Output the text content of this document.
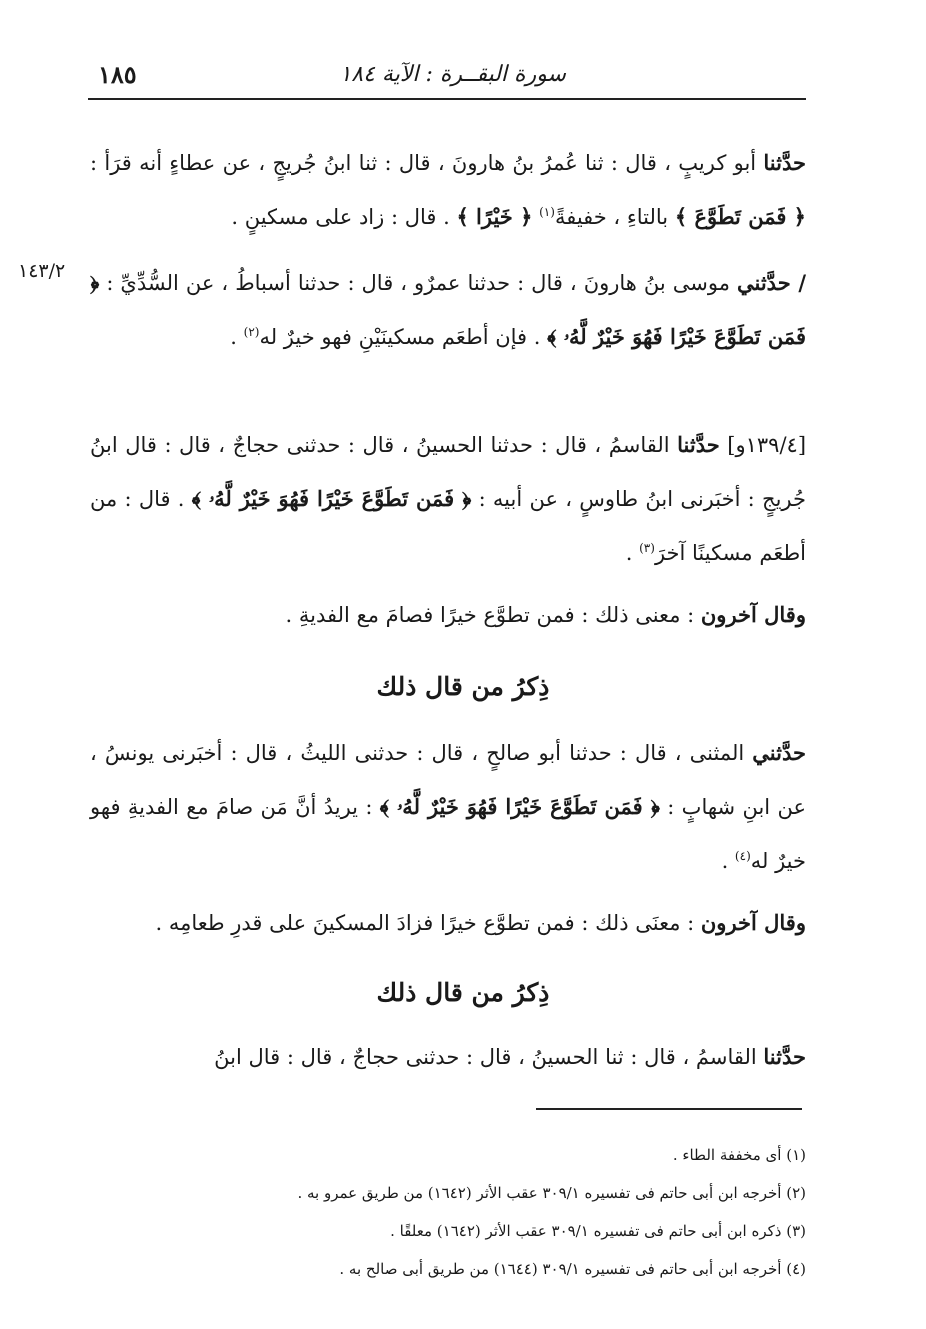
سورة البقــرة : الآية ١٨٤
١٨٥

حدَّثنا أبو كريبٍ ، قال : ثنا عُمرُ بنُ هارونَ ، قال : ثنا ابنُ جُريجٍ ، عن عطاءٍ أنه قرَأ : ﴿ فَمَن تَطَوَّعَ ﴾ بالتاءِ ، خفيفةً$^{(١)}$ ﴿ خَيْرًا ﴾ . قال : زاد على مسكينٍ .

١٤٣/٢	/ حدَّثني موسى بنُ هارونَ ، قال : حدثنا عمرٌو ، قال : حدثنا أسباطُ ، عن السُّدِّيِّ : ﴿ فَمَن تَطَوَّعَ خَيْرًا فَهُوَ خَيْرٌ لَّهُۥ ﴾ . فإن أطعَم مسكينَيْنِ فهو خيرٌ له$^{(٢)}$ .

[١٣٩/٤و] حدَّثنا القاسمُ ، قال : حدثنا الحسينُ ، قال : حدثنى حجاجٌ ، قال : قال ابنُ جُريجٍ : أخبَرنى ابنُ طاوسٍ ، عن أبيه : ﴿ فَمَن تَطَوَّعَ خَيْرًا فَهُوَ خَيْرٌ لَّهُۥ ﴾ . قال : من أطعَم مسكينًا آخرَ$^{(٣)}$ .

وقال آخرون : معنى ذلك : فمن تطوَّع خيرًا فصامَ مع الفديةِ .

ذِكرُ من قال ذلك

حدَّثني المثنى ، قال : حدثنا أبو صالحٍ ، قال : حدثنى الليثُ ، قال : أخبَرنى يونسُ ، عن ابنِ شهابٍ : ﴿ فَمَن تَطَوَّعَ خَيْرًا فَهُوَ خَيْرٌ لَّهُۥ ﴾ : يريدُ أنَّ مَن صامَ مع الفديةِ فهو خيرٌ له$^{(٤)}$ .

وقال آخرون : معنَى ذلك : فمن تطوَّع خيرًا فزادَ المسكينَ على قدرِ طعامِه .

ذِكرُ من قال ذلك

حدَّثنا القاسمُ ، قال : ثنا الحسينُ ، قال : حدثنى حجاجٌ ، قال : قال ابنُ

(١) أى مخففة الطاء .
(٢) أخرجه ابن أبى حاتم فى تفسيره ٣٠٩/١ عقب الأثر (١٦٤٢) من طريق عمرو به .
(٣) ذكره ابن أبى حاتم فى تفسيره ٣٠٩/١ عقب الأثر (١٦٤٢) معلقًا .
(٤) أخرجه ابن أبى حاتم فى تفسيره ٣٠٩/١ (١٦٤٤) من طريق أبى صالح به .
